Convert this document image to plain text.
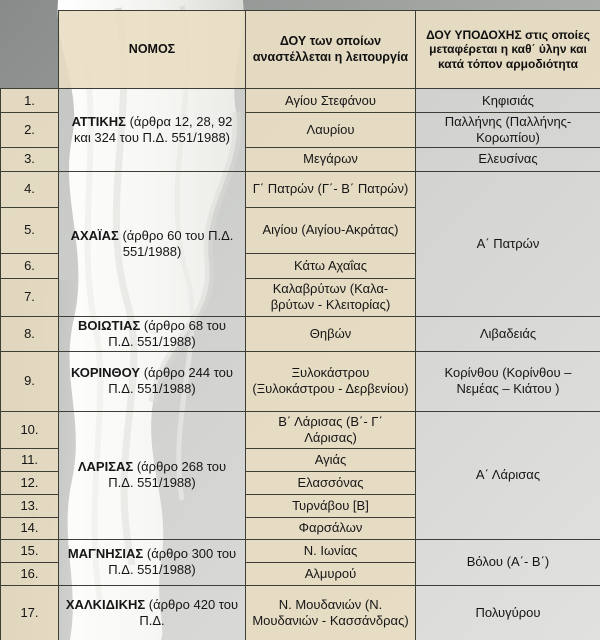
	ΝΟΜΟΣ	ΔΟΥ των οποίων αναστέλλεται η λειτουργία	ΔΟΥ ΥΠΟΔΟΧΗΣ στις οποίες μεταφέρεται η καθ΄ ύλην και κατά τόπον αρμοδιότητα
1.	ΑΤΤΙΚΗΣ (άρθρα 12, 28, 92 και 324 του Π.Δ. 551/1988)	Αγίου Στεφάνου	Κηφισιάς
2.		Λαυρίου	Παλλήνης (Παλλήνης-Κορωπίου)
3.		Μεγάρων	Ελευσίνας
4.	ΑΧΑΪΑΣ (άρθρο 60 του Π.Δ. 551/1988)	Γ΄ Πατρών (Γ΄- Β΄ Πατρών)	Α΄ Πατρών
5.		Αιγίου (Αιγίου-Ακράτας)	
6.		Κάτω Αχαΐας	
7.		Καλαβρύτων (Καλα-βρύτων - Κλειτορίας)	
8.	ΒΟΙΩΤΙΑΣ (άρθρο 68 του Π.Δ. 551/1988)	Θηβών	Λιβαδειάς
9.	ΚΟΡΙΝΘΟΥ (άρθρο 244 του Π.Δ. 551/1988)	Ξυλοκάστρου (Ξυλοκάστρου - Δερβενίου)	Κορίνθου (Κορίνθου – Νεμέας – Κιάτου )
10.	ΛΑΡΙΣΑΣ (άρθρο 268 του Π.Δ. 551/1988)	Β΄ Λάρισας (Β΄- Γ΄ Λάρισας)	Α΄ Λάρισας
11.		Αγιάς	
12.		Ελασσόνας	
13.		Τυρνάβου [Β]	
14.		Φαρσάλων	
15.	ΜΑΓΝΗΣΙΑΣ (άρθρο 300 του Π.Δ. 551/1988)	Ν. Ιωνίας	Βόλου (Α΄- Β΄)
16.		Αλμυρού	
17.	ΧΑΛΚΙΔΙΚΗΣ (άρθρο 420 του Π.Δ.	Ν. Μουδανιών (Ν. Μουδανιών - Κασσάνδρας)	Πολυγύρου
